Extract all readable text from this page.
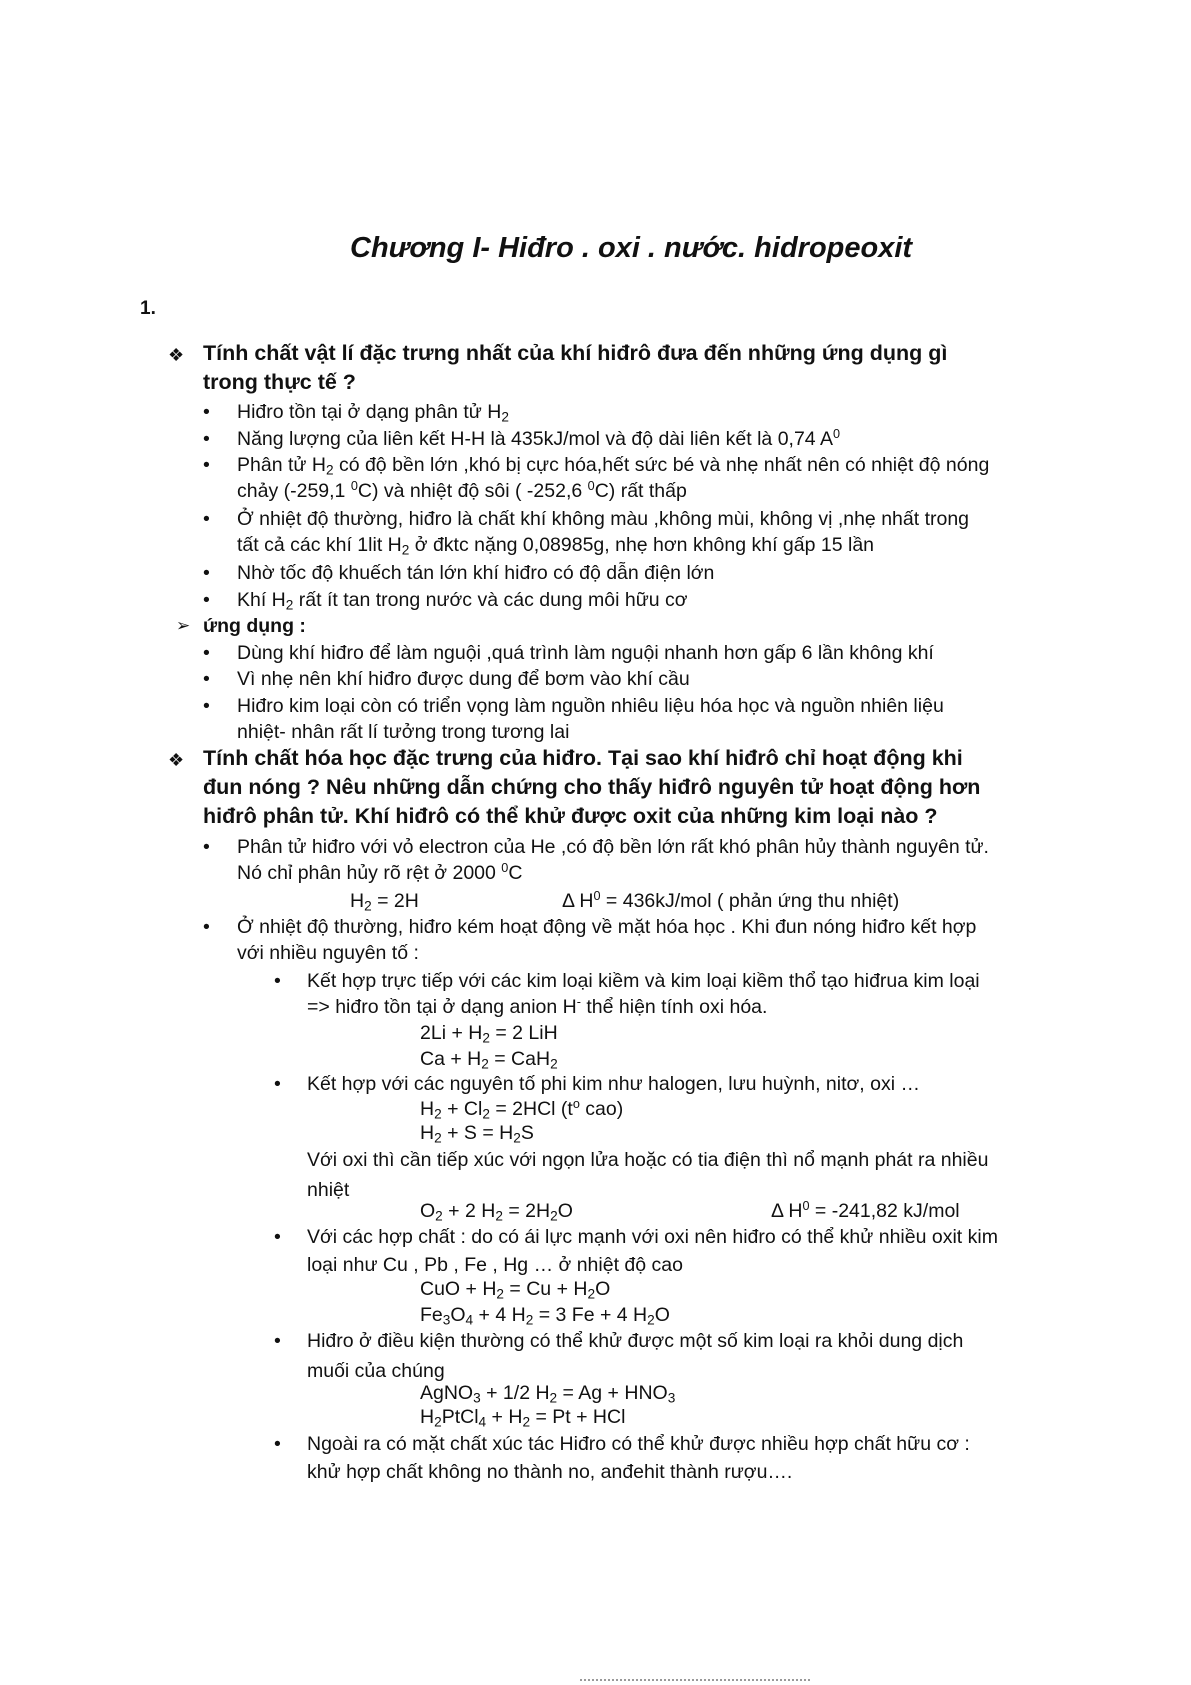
Chương I- Hiđro . oxi . nước. hidropeoxit
1.
❖ Tính chất vật lí đặc trưng nhất của khí hiđrô đưa đến những ứng dụng gì
trong thực tế ?
• Hiđro tồn tại ở dạng phân tử $H_2$
• Năng lượng của liên kết H-H là 435kJ/mol và độ dài liên kết là 0,74 $A^0$
• Phân tử $H_2$ có độ bền lớn ,khó bị cực hóa,hết sức bé và nhẹ nhất nên có nhiệt độ nóng
chảy (-259,1 $^0$C) và nhiệt độ sôi ( -252,6 $^0$C) rất thấp
• Ở nhiệt độ thường, hiđro là chất khí không màu ,không mùi, không vị ,nhẹ nhất trong
tất cả các khí 1lit $H_2$ ở đktc nặng 0,08985g, nhẹ hơn không khí gấp 15 lần
• Nhờ tốc độ khuếch tán lớn khí hiđro có độ dẫn điện lớn
• Khí $H_2$ rất ít tan trong nước và các dung môi hữu cơ
➢ ứng dụng :
• Dùng khí hiđro để làm nguội ,quá trình làm nguội nhanh hơn gấp 6 lần không khí
• Vì nhẹ nên khí hiđro được dung để bơm vào khí cầu
• Hiđro kim loại còn có triển vọng làm nguồn nhiêu liệu hóa học và nguồn nhiên liệu
nhiệt- nhân rất lí tưởng trong tương lai
❖ Tính chất hóa học đặc trưng của hiđro. Tại sao khí hiđrô chỉ hoạt động khi
đun nóng ? Nêu những dẫn chứng cho thấy hiđrô nguyên tử hoạt động hơn
hiđrô phân tử. Khí hiđrô có thể khử được oxit của những kim loại nào ?
• Phân tử hiđro với vỏ electron của He ,có độ bền lớn rất khó phân hủy thành nguyên tử.
Nó chỉ phân hủy rõ rệt ở 2000 $^0$C
$H_2 = 2H$	Δ $H^0 = 436kJ/mol$ ( phản ứng thu nhiệt)
• Ở nhiệt độ thường, hiđro kém hoạt động về mặt hóa học . Khi đun nóng hiđro kết hợp
với nhiều nguyên tố :
• Kết hợp trực tiếp với các kim loại kiềm và kim loại kiềm thổ tạo hiđrua kim loại
=> hiđro tồn tại ở dạng anion H- thể hiện tính oxi hóa.
$2Li + H_2 = 2$ LiH
$Ca + H_2 = CaH_2$
• Kết hợp với các nguyên tố phi kim như halogen, lưu huỳnh, nitơ, oxi …
$H_2 + Cl_2 = 2HCl$ ($t^o$ cao)
$H_2 + S = H_2S$
Với oxi thì cần tiếp xúc với ngọn lửa hoặc có tia điện thì nổ mạnh phát ra nhiều
nhiệt
$O_2 + 2$ $H_2 = 2H_2O$	Δ $H^0 = -241,82$ kJ/mol
• Với các hợp chất : do có ái lực mạnh với oxi nên hiđro có thể khử nhiều oxit kim
loại như Cu , Pb , Fe , Hg … ở nhiệt độ cao
CuO + $H_2 = Cu + H_2O$
$Fe_3O_4 + 4$ $H_2 = 3$ Fe + 4 $H_2O$
• Hiđro ở điều kiện thường có thể khử được một số kim loại ra khỏi dung dịch
muối của chúng
AgNO$_3$ + 1/2 $H_2 = Ag + HNO_3$
$H_2PtCl_4 + H_2 = Pt$ + HCl
• Ngoài ra có mặt chất xúc tác Hiđro có thể khử được nhiều hợp chất hữu cơ :
khử hợp chất không no thành no, anđehit thành rượu….
